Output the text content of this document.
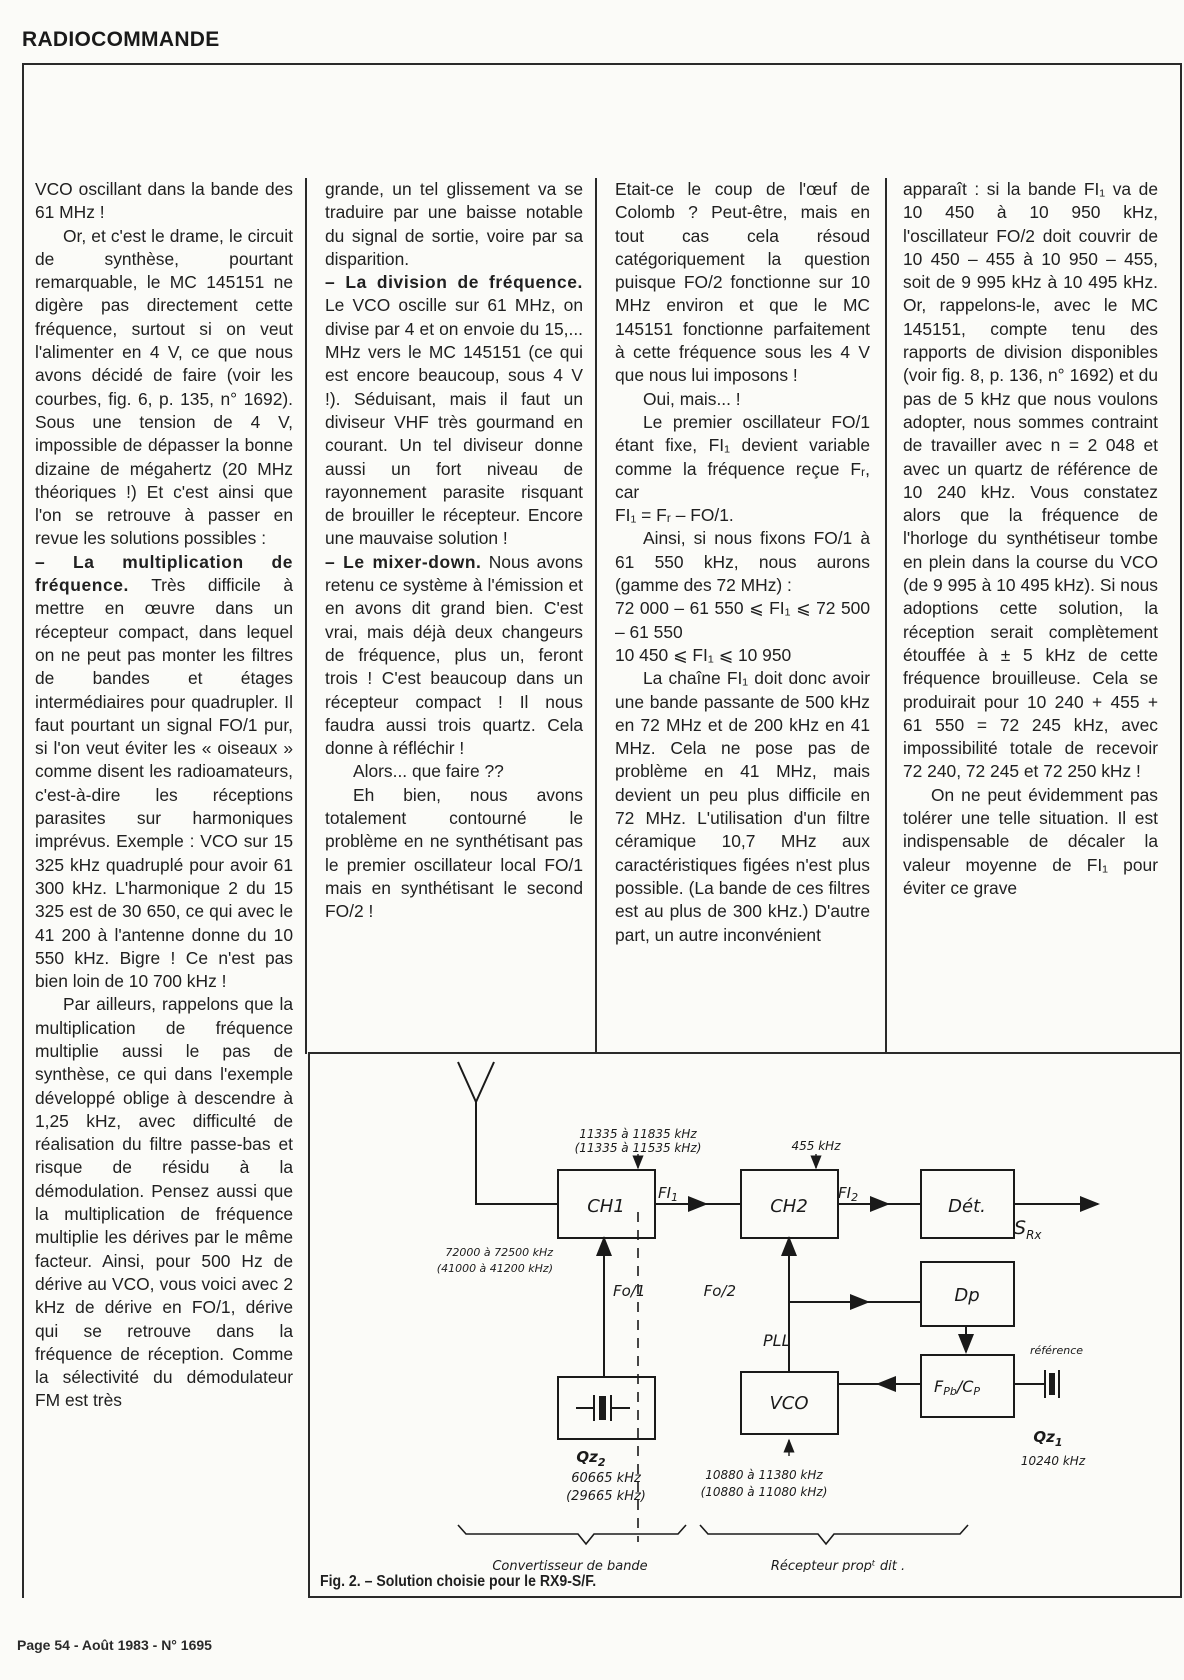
RADIOCOMMANDE

VCO oscillant dans la bande des 61 MHz !

Or, et c'est le drame, le circuit de synthèse, pourtant remarquable, le MC 145151 ne digère pas directement cette fréquence, surtout si on veut l'alimenter en 4 V, ce que nous avons décidé de faire (voir les courbes, fig. 6, p. 135, n° 1692). Sous une tension de 4 V, impossible de dépasser la bonne dizaine de mégahertz (20 MHz théoriques !) Et c'est ainsi que l'on se retrouve à passer en revue les solutions possibles :

– La multiplication de fréquence. Très difficile à mettre en œuvre dans un récepteur compact, dans lequel on ne peut pas monter les filtres de bandes et étages intermédiaires pour quadrupler. Il faut pourtant un signal FO/1 pur, si l'on veut éviter les « oiseaux » comme disent les radioamateurs, c'est-à-dire les réceptions parasites sur harmoniques imprévus. Exemple : VCO sur 15 325 kHz quadruplé pour avoir 61 300 kHz. L'harmonique 2 du 15 325 est de 30 650, ce qui avec le 41 200 à l'antenne donne du 10 550 kHz. Bigre ! Ce n'est pas bien loin de 10 700 kHz !

Par ailleurs, rappelons que la multiplication de fréquence multiplie aussi le pas de synthèse, ce qui dans l'exemple développé oblige à descendre à 1,25 kHz, avec difficulté de réalisation du filtre passe-bas et risque de résidu à la démodulation. Pensez aussi que la multiplication de fréquence multiplie les dérives par le même facteur. Ainsi, pour 500 Hz de dérive au VCO, vous voici avec 2 kHz de dérive en FO/1, dérive qui se retrouve dans la fréquence de réception. Comme la sélectivité du démodulateur FM est très

grande, un tel glissement va se traduire par une baisse notable du signal de sortie, voire par sa disparition.

– La division de fréquence. Le VCO oscille sur 61 MHz, on divise par 4 et on envoie du 15,... MHz vers le MC 145151 (ce qui est encore beaucoup, sous 4 V !). Séduisant, mais il faut un diviseur VHF très gourmand en courant. Un tel diviseur donne aussi un fort niveau de rayonnement parasite risquant de brouiller le récepteur. Encore une mauvaise solution !

– Le mixer-down. Nous avons retenu ce système à l'émission et en avons dit grand bien. C'est vrai, mais déjà deux changeurs de fréquence, plus un, feront trois ! C'est beaucoup dans un récepteur compact ! Il nous faudra aussi trois quartz. Cela donne à réfléchir !

Alors... que faire ??

Eh bien, nous avons totalement contourné le problème en ne synthétisant pas le premier oscillateur local FO/1 mais en synthétisant le second FO/2 !

Etait-ce le coup de l'œuf de Colomb ? Peut-être, mais en tout cas cela résoud catégoriquement la question puisque FO/2 fonctionne sur 10 MHz environ et que le MC 145151 fonctionne parfaitement à cette fréquence sous les 4 V que nous lui imposons !

Oui, mais... !

Le premier oscillateur FO/1 étant fixe, FI₁ devient variable comme la fréquence reçue Fᵣ, car

FI₁ = Fᵣ – FO/1.

Ainsi, si nous fixons FO/1 à 61 550 kHz, nous aurons (gamme des 72 MHz) :

72 000 – 61 550 ⩽ FI₁ ⩽ 72 500 – 61 550

10 450 ⩽ FI₁ ⩽ 10 950

La chaîne FI₁ doit donc avoir une bande passante de 500 kHz en 72 MHz et de 200 kHz en 41 MHz. Cela ne pose pas de problème en 41 MHz, mais devient un peu plus difficile en 72 MHz. L'utilisation d'un filtre céramique 10,7 MHz aux caractéristiques figées n'est plus possible. (La bande de ces filtres est au plus de 300 kHz.) D'autre part, un autre inconvénient

apparaît : si la bande FI₁ va de 10 450 à 10 950 kHz, l'oscillateur FO/2 doit couvrir de 10 450 – 455 à 10 950 – 455, soit de 9 995 kHz à 10 495 kHz. Or, rappelons-le, avec le MC 145151, compte tenu des rapports de division disponibles (voir fig. 8, p. 136, n° 1692) et du pas de 5 kHz que nous voulons adopter, nous sommes contraint de travailler avec n = 2 048 et avec un quartz de référence de 10 240 kHz. Vous constatez alors que la fréquence de l'horloge du synthétiseur tombe en plein dans la course du VCO (de 9 995 à 10 495 kHz). Si nous adoptions cette solution, la réception serait complètement étouffée à ± 5 kHz de cette fréquence brouilleuse. Cela se produirait pour 10 240 + 455 + 61 550 = 72 245 kHz, avec impossibilité totale de recevoir 72 240, 72 245 et 72 250 kHz !

On ne peut évidemment pas tolérer une telle situation. Il est indispensable de décaler la valeur moyenne de FI₁ pour éviter ce grave

CH1	CH2	Dét.
Dp
VCO
FPb/CP
11335 à 11835 kHz
(11335 à 11535 kHz)
$FI_1$
455 kHz
$FI_2$
72000 à 72500 kHz
(41000 à 41200 kHz)
Fo/1	Fo/2
PLL
référence
$S_{Rx}$
$Qz_2$
60665 kHz
(29665 kHz)
10880 à 11380 kHz
(10880 à 11080 kHz)
$Qz_1$
10240 kHz
Convertisseur de bande	Récepteur propᵗ dit .
Fig. 2. – Solution choisie pour le RX9-S/F.
Page 54 - Août 1983 - N° 1695
